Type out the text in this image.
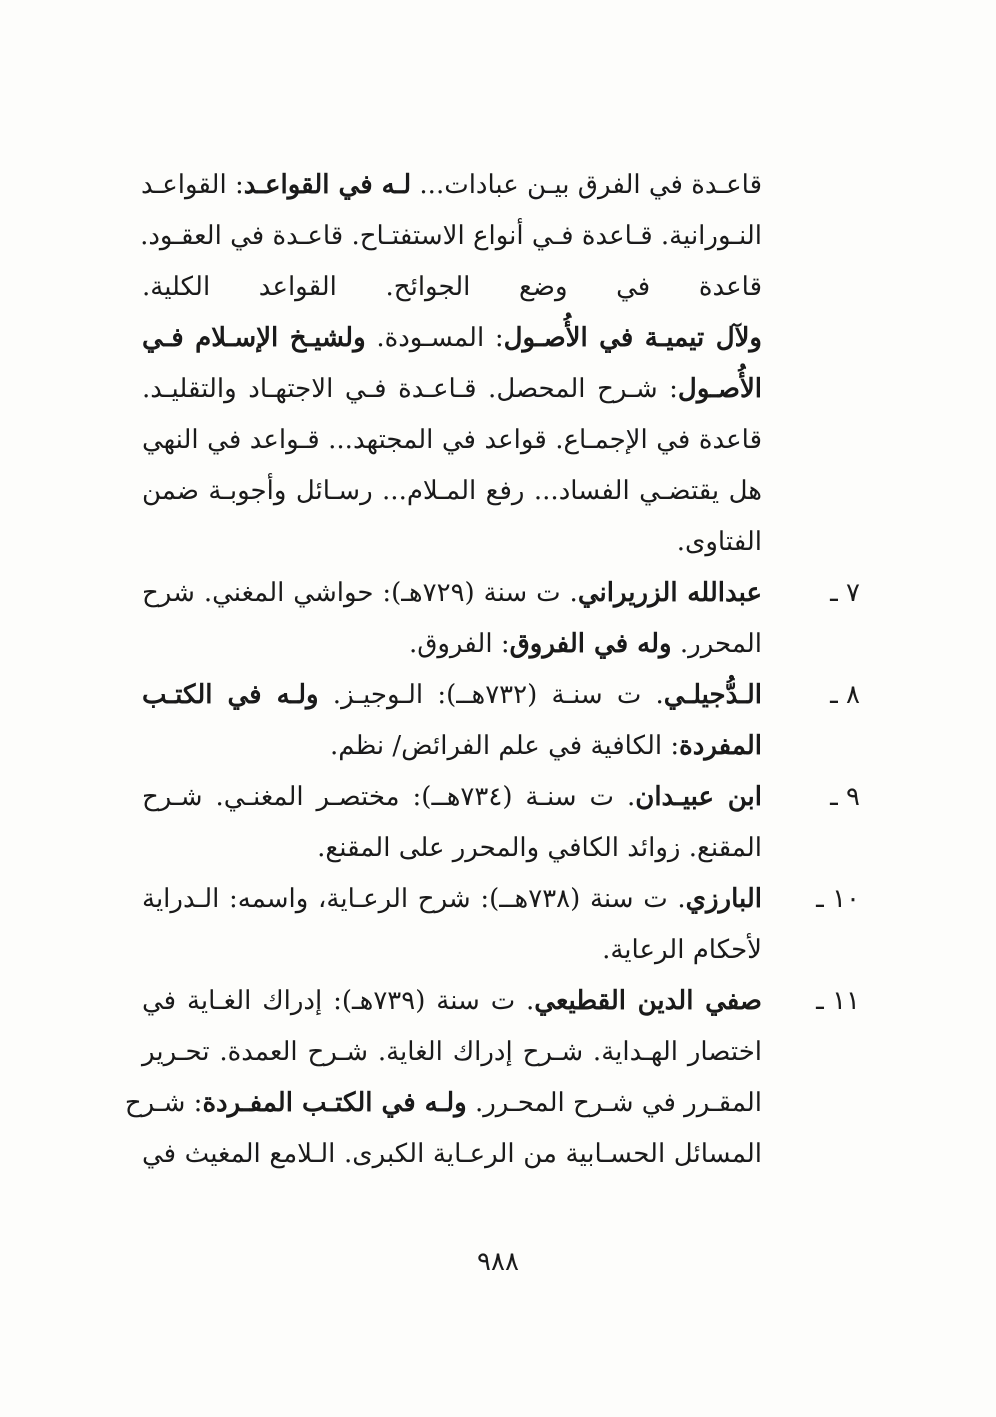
قاعـدة في الفرق بيـن عبادات... لـه في القواعـد: القواعـد
النـورانية. قـاعدة فـي أنواع الاستفتـاح. قاعـدة في العقـود.
قاعدة في وضع الجوائح. القواعد الكلية.
ولآل تيميـة في الأُصـول: المسـودة. ولشيـخ الإسـلام فـي
الأُصـول: شـرح المحصل. قـاعـدة فـي الاجتهـاد والتقليـد.
قاعدة في الإجمـاع. قواعد في المجتهد... قـواعد في النهي
هل يقتضـي الفساد... رفع المـلام... رسـائل وأجوبـة ضمن
الفتاوى.
٧ ـ
عبدالله الزريراني. ت سنة (٧٢٩هـ): حواشي المغني. شرح
المحرر. وله في الفروق: الفروق.
٨ ـ
الـدُّجيلـي. ت سنـة (٧٣٢هــ): الـوجيـز. ولـه في الكتـب
المفردة: الكافية في علم الفرائض/ نظم.
٩ ـ
ابن عبيـدان. ت سنـة (٧٣٤هــ): مختصـر المغنـي. شـرح
المقنع. زوائد الكافي والمحرر على المقنع.
١٠ ـ
البارزي. ت سنة (٧٣٨هــ): شرح الرعـاية، واسمه: الـدراية
لأحكام الرعاية.
١١ ـ
صفي الدين القطيعي. ت سنة (٧٣٩هـ): إدراك الغـاية في
اختصار الهـداية. شـرح إدراك الغاية. شـرح العمدة. تحـرير
المقـرر في شـرح المحـرر. ولـه في الكتـب المفـردة: شـرح
المسائل الحسـابية من الرعـاية الكبرى. الـلامع المغيث في
٩٨٨
